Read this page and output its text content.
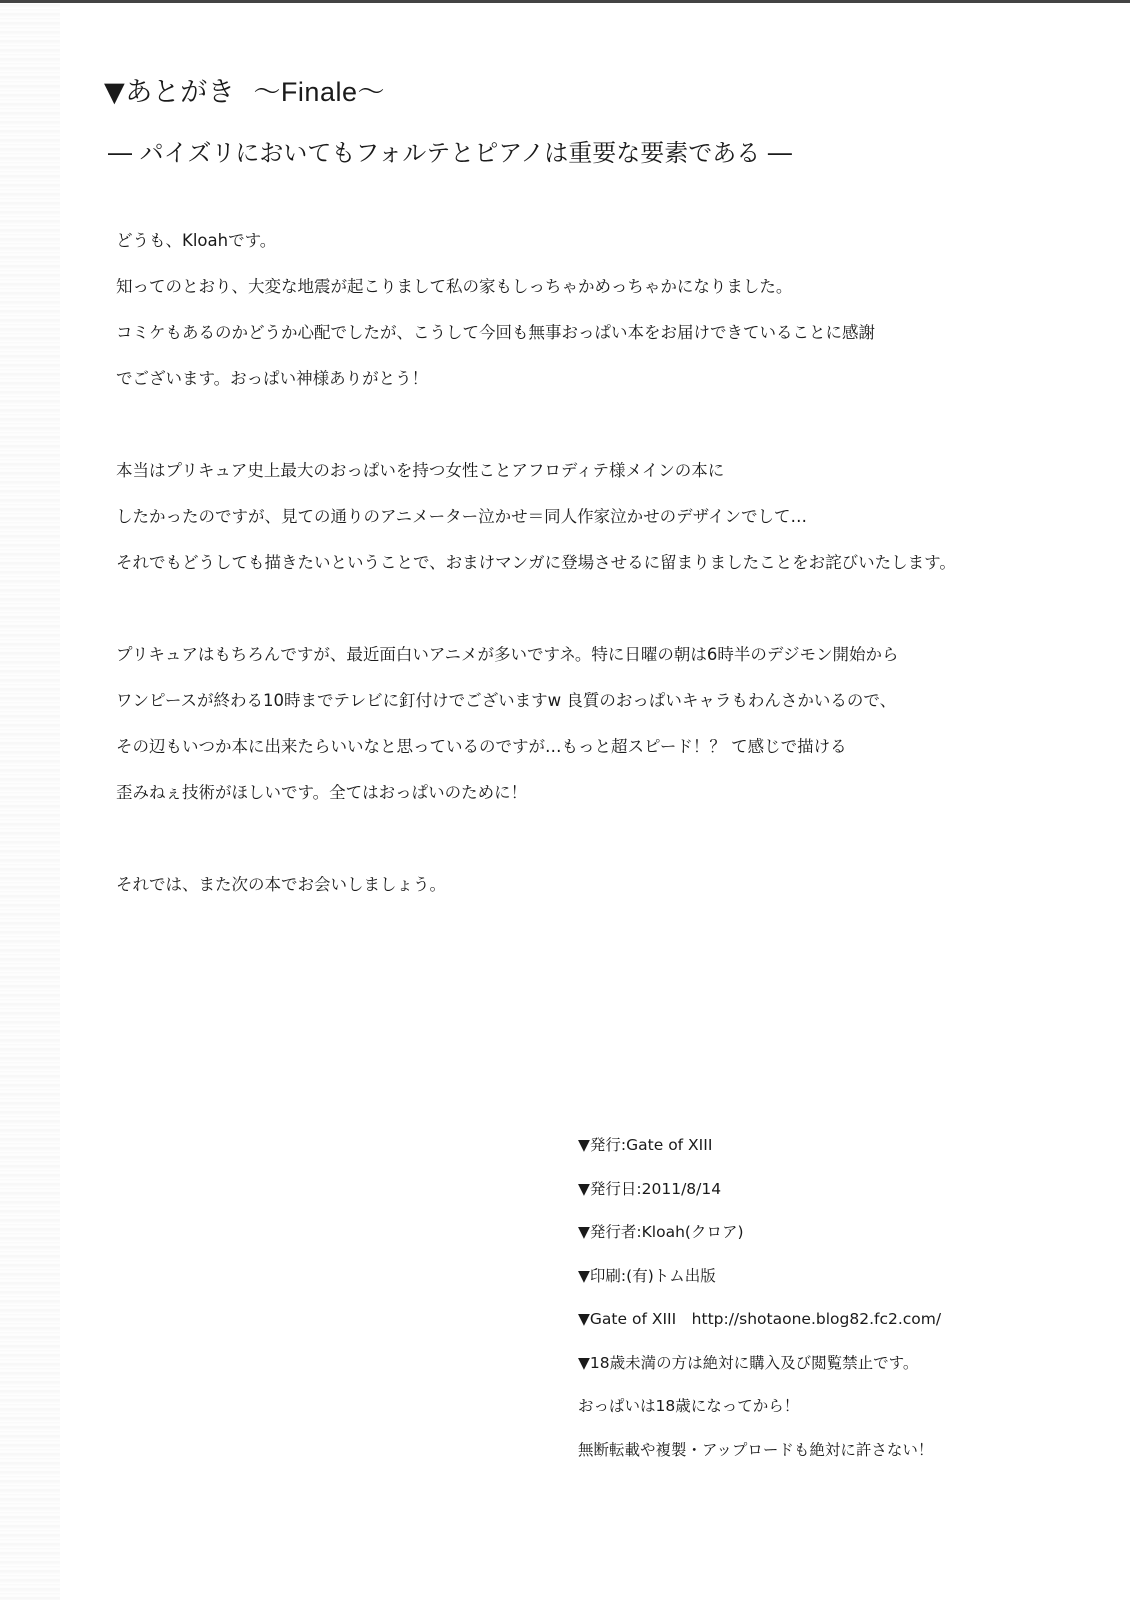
▼あとがき 〜Finale〜
― パイズリにおいてもフォルテとピアノは重要な要素である ―

どうも、Kloahです。

知ってのとおり、大変な地震が起こりまして私の家もしっちゃかめっちゃかになりました。

コミケもあるのかどうか心配でしたが、こうして今回も無事おっぱい本をお届けできていることに感謝

でございます。おっぱい神様ありがとう！

本当はプリキュア史上最大のおっぱいを持つ女性ことアフロディテ様メインの本に

したかったのですが、見ての通りのアニメーター泣かせ＝同人作家泣かせのデザインでして…

それでもどうしても描きたいということで、おまけマンガに登場させるに留まりましたことをお詫びいたします。

プリキュアはもちろんですが、最近面白いアニメが多いですネ。特に日曜の朝は6時半のデジモン開始から

ワンピースが終わる10時までテレビに釘付けでございますw 良質のおっぱいキャラもわんさかいるので、

その辺もいつか本に出来たらいいなと思っているのですが…もっと超スピード！？ て感じで描ける

歪みねぇ技術がほしいです。全てはおっぱいのために！

それでは、また次の本でお会いしましょう。

▼発行:Gate of XIII
▼発行日:2011/8/14
▼発行者:Kloah(クロア)
▼印刷:(有)トム出版
▼Gate of XIII　http://shotaone.blog82.fc2.com/
▼18歳未満の方は絶対に購入及び閲覧禁止です。
おっぱいは18歳になってから！
無断転載や複製・アップロードも絶対に許さない！
